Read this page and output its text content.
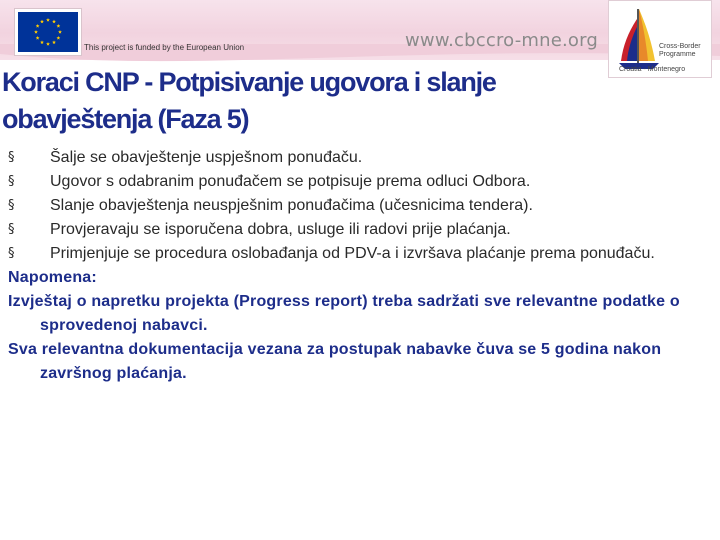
This project is funded by the European Union	www.cbccro-mne.org	Cross-Border
Programme
Croatia - Montenegro
Koraci CNP - Potpisivanje ugovora i slanje obavještenja (Faza 5)
§	Šalje se obavještenje uspješnom ponuđaču.
§	Ugovor s odabranim ponuđačem se potpisuje prema odluci Odbora.
§	Slanje obavještenja neuspješnim ponuđačima (učesnicima tendera).
§	Provjeravaju se isporučena dobra, usluge ili radovi prije plaćanja.
§	Primjenjuje se procedura oslobađanja od PDV-a i izvršava plaćanje prema ponuđaču.

Napomena:

Izvještaj o napretku projekta (Progress report) treba sadržati sve relevantne podatke o sprovedenoj nabavci.

Sva relevantna dokumentacija vezana za postupak nabavke čuva se 5 godina nakon završnog plaćanja.
